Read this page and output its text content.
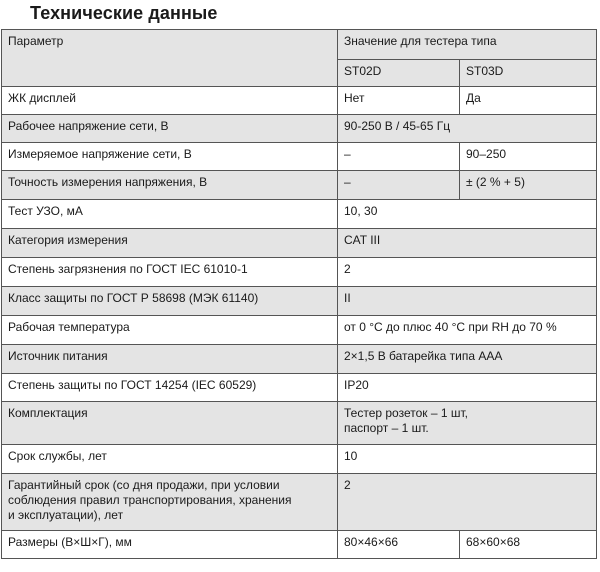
Технические данные
Параметр	Значение для тестера типа	
	ST02D	ST03D
ЖК дисплей	Нет	Да
Рабочее напряжение сети, В	90-250 В / 45-65 Гц	
Измеряемое напряжение сети, В	–	90–250
Точность измерения напряжения, В	–	± (2 % + 5)
Тест УЗО, мА	10, 30	
Категория измерения	CAT III	
Степень загрязнения по ГОСТ IEC 61010-1	2	
Класс защиты по ГОСТ Р 58698 (МЭК 61140)	II	
Рабочая температура	от 0 °С до плюс 40 °С при RH до 70 %	
Источник питания	2×1,5 В батарейка типа ААА	
Степень защиты по ГОСТ 14254 (IEC 60529)	IP20	
Комплектация	Тестер розеток – 1 шт,
паспорт – 1 шт.	

Срок службы, лет	10	

Гарантийный срок (со дня продажи, при условии
соблюдения правил транспортирования, хранения
и эксплуатации), лет	2	
Размеры (В×Ш×Г), мм	80×46×66	68×60×68
